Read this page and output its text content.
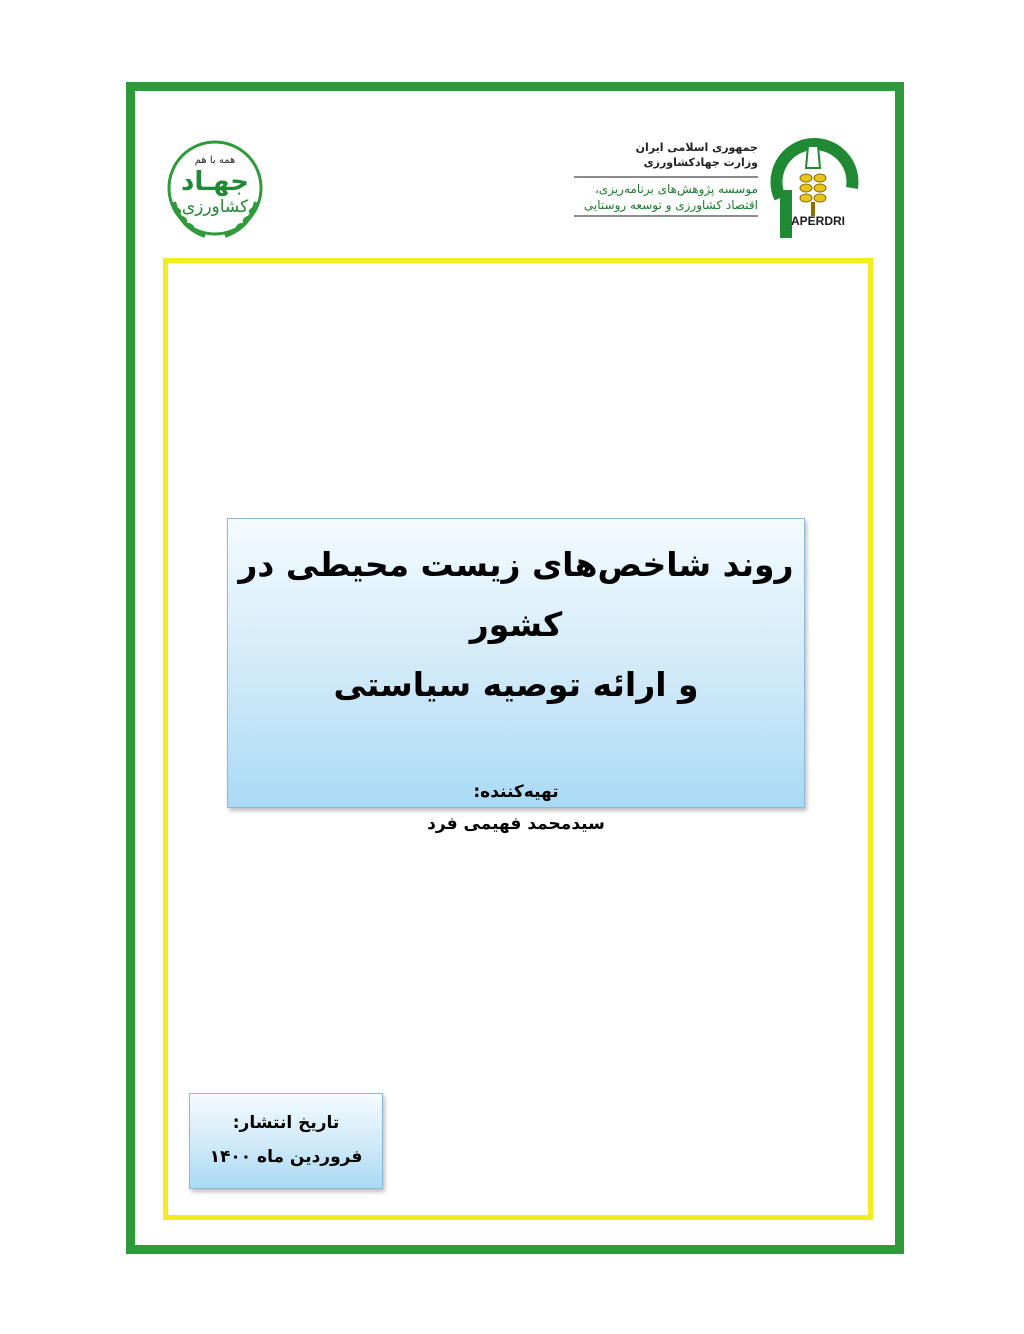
همه با هم
جهـاد
کشاورزی
جمهوری اسلامی ایران
وزارت جهادکشاورزی
موسسه پژوهش‌های برنامه‌ریزی،
اقتصاد کشاورزی و توسعه روستایی
APERDRI
روند شاخص‌های زیست محیطی در کشور
و ارائه توصیه سیاستی
تهیه‌کننده:
سیدمحمد فهیمی فرد
تاریخ انتشار:
فروردین ماه ۱۴۰۰
